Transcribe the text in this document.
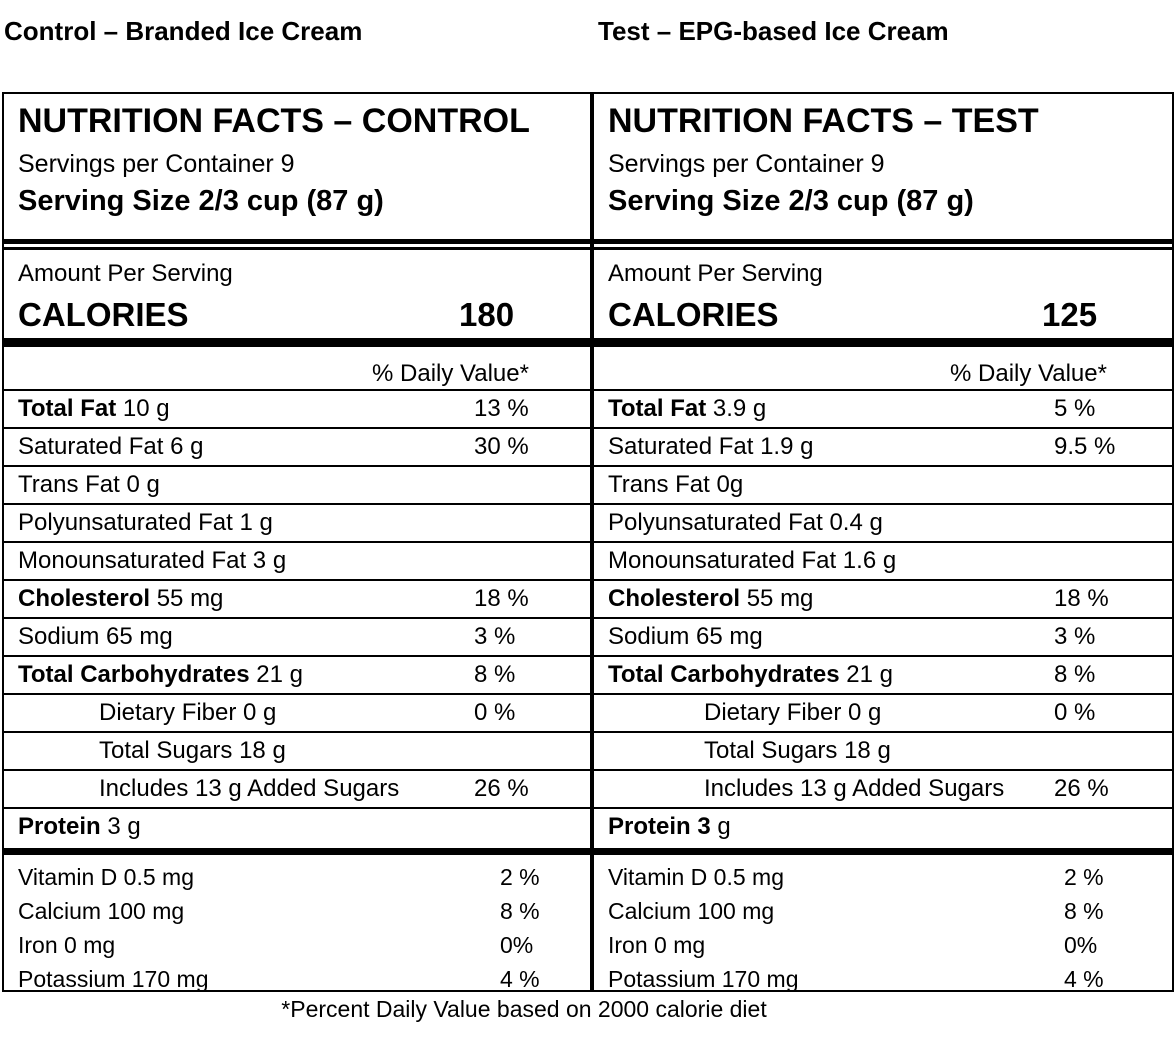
Control – Branded Ice Cream	Test – EPG-based Ice Cream
NUTRITION FACTS – CONTROL
Servings per Container 9
Serving Size 2/3 cup (87 g)
Amount Per Serving
CALORIES	180
% Daily Value*
Total Fat 10 g	13 %
Saturated Fat 6 g	30 %
Trans Fat 0 g
Polyunsaturated Fat 1 g
Monounsaturated Fat 3 g
Cholesterol 55 mg	18 %
Sodium 65 mg	3 %
Total Carbohydrates 21 g	8 %
Dietary Fiber 0 g	0 %
Total Sugars 18 g
Includes 13 g Added Sugars	26 %
Protein 3 g
Vitamin D 0.5 mg	2 %
Calcium 100 mg	8 %
Iron 0 mg	0%
Potassium 170 mg	4 %
NUTRITION FACTS – TEST
Servings per Container 9
Serving Size 2/3 cup (87 g)
Amount Per Serving
CALORIES	125
% Daily Value*
Total Fat 3.9 g	5 %
Saturated Fat 1.9 g	9.5 %
Trans Fat 0g
Polyunsaturated Fat 0.4 g
Monounsaturated Fat 1.6 g
Cholesterol 55 mg	18 %
Sodium 65 mg	3 %
Total Carbohydrates 21 g	8 %
Dietary Fiber 0 g	0 %
Total Sugars 18 g
Includes 13 g Added Sugars 26 %
Protein 3 g
Vitamin D 0.5 mg	2 %
Calcium 100 mg	8 %
Iron 0 mg	0%
Potassium 170 mg	4 %
*Percent Daily Value based on 2000 calorie diet
